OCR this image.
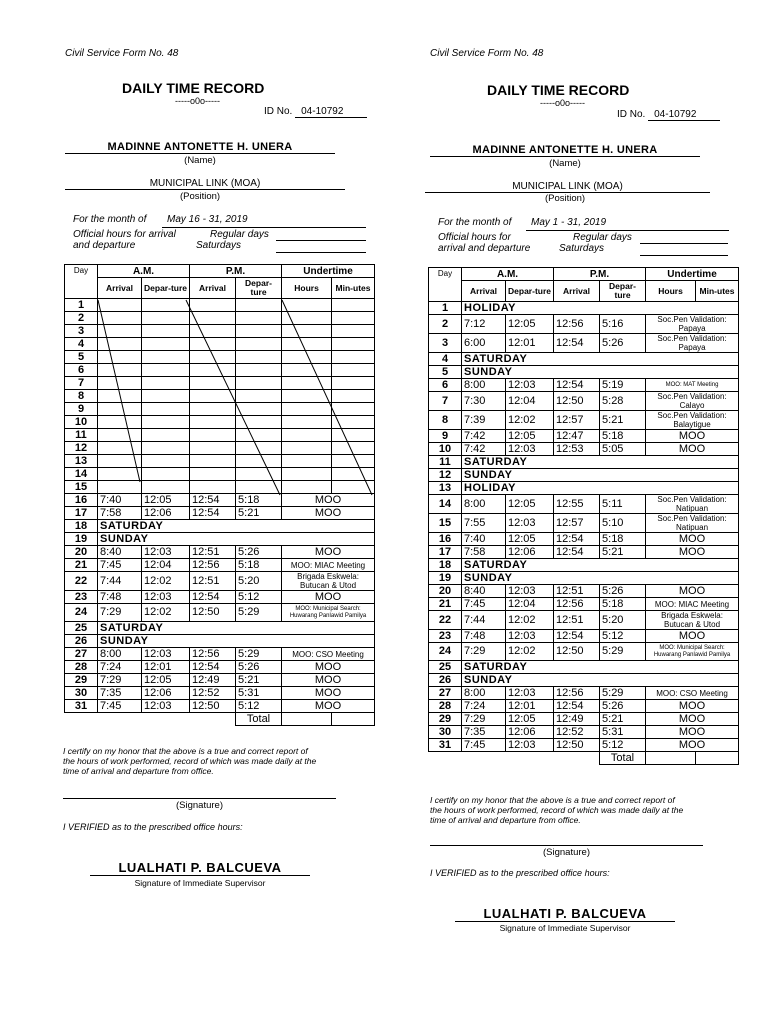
Civil Service Form No. 48
DAILY TIME RECORD
-----o0o-----
ID No. 04-10792
MADINNE ANTONETTE H. UNERA
(Name)
MUNICIPAL LINK (MOA)
(Position)
For the month of May 16 - 31, 2019
Official hours for arrival	Regular days
and departure	Saturdays
Day	A.M.		P.M.		Undertime	
	Arrival	Depar-ture	Arrival	Depar-ture	Hours	Min-utes
1						
2						
3						
4						
5						
6						
7						
8						
9						
10						
11						
12						
13						
14						
15						
16	7:40	12:05	12:54	5:18	MOO	
17	7:58	12:06	12:54	5:21	MOO	
18	SATURDAY					
19	SUNDAY					
20	8:40	12:03	12:51	5:26	MOO	
21	7:45	12:04	12:56	5:18	MOO: MIAC Meeting	
22	7:44	12:02	12:51	5:20	Brigada Eskwela: Butucan & Utod	
23	7:48	12:03	12:54	5:12	MOO	
24	7:29	12:02	12:50	5:29	MOO: Municipal Search: Huwarang Panlawid Pamilya	
25	SATURDAY					
26	SUNDAY					
27	8:00	12:03	12:56	5:29	MOO: CSO Meeting	
28	7:24	12:01	12:54	5:26	MOO	
29	7:29	12:05	12:49	5:21	MOO	
30	7:35	12:06	12:52	5:31	MOO	
31	7:45	12:03	12:50	5:12	MOO	
				Total		
I certify on my honor that the above is a true and correct report of
the hours of work performed, record of which was made daily at the
time of arrival and departure from office.
(Signature)
I VERIFIED as to the prescribed office hours:
LUALHATI P. BALCUEVA
Signature of Immediate Supervisor
Civil Service Form No. 48
DAILY TIME RECORD
-----o0o-----
ID No. 04-10792
MADINNE ANTONETTE H. UNERA
(Name)
MUNICIPAL LINK (MOA)
(Position)
For the month of May 1 - 31, 2019
Official hours for	Regular days
arrival and departure	Saturdays
Day	A.M.		P.M.		Undertime	
	Arrival	Depar-ture	Arrival	Depar-ture	Hours	Min-utes
1	HOLIDAY					
2	7:12	12:05	12:56	5:16	Soc.Pen Validation: Papaya	
3	6:00	12:01	12:54	5:26	Soc.Pen Validation: Papaya	
4	SATURDAY					
5	SUNDAY					
6	8:00	12:03	12:54	5:19	MOO: MAT Meeting	
7	7:30	12:04	12:50	5:28	Soc.Pen Validation: Calayo	
8	7:39	12:02	12:57	5:21	Soc.Pen Validation: Balaytigue	
9	7:42	12:05	12:47	5:18	MOO	
10	7:42	12:03	12:53	5:05	MOO	
11	SATURDAY					
12	SUNDAY					
13	HOLIDAY					
14	8:00	12:05	12:55	5:11	Soc.Pen Validation: Natipuan	
15	7:55	12:03	12:57	5:10	Soc.Pen Validation: Natipuan	
16	7:40	12:05	12:54	5:18	MOO	
17	7:58	12:06	12:54	5:21	MOO	
18	SATURDAY					
19	SUNDAY					
20	8:40	12:03	12:51	5:26	MOO	
21	7:45	12:04	12:56	5:18	MOO: MIAC Meeting	
22	7:44	12:02	12:51	5:20	Brigada Eskwela: Butucan & Utod	
23	7:48	12:03	12:54	5:12	MOO	
24	7:29	12:02	12:50	5:29	MOO: Municipal Search: Huwarang Panlawid Pamilya	
25	SATURDAY					
26	SUNDAY					
27	8:00	12:03	12:56	5:29	MOO: CSO Meeting	
28	7:24	12:01	12:54	5:26	MOO	
29	7:29	12:05	12:49	5:21	MOO	
30	7:35	12:06	12:52	5:31	MOO	
31	7:45	12:03	12:50	5:12	MOO	
				Total		
I certify on my honor that the above is a true and correct report of
the hours of work performed, record of which was made daily at the
time of arrival and departure from office.
(Signature)
I VERIFIED as to the prescribed office hours:
LUALHATI P. BALCUEVA
Signature of Immediate Supervisor
